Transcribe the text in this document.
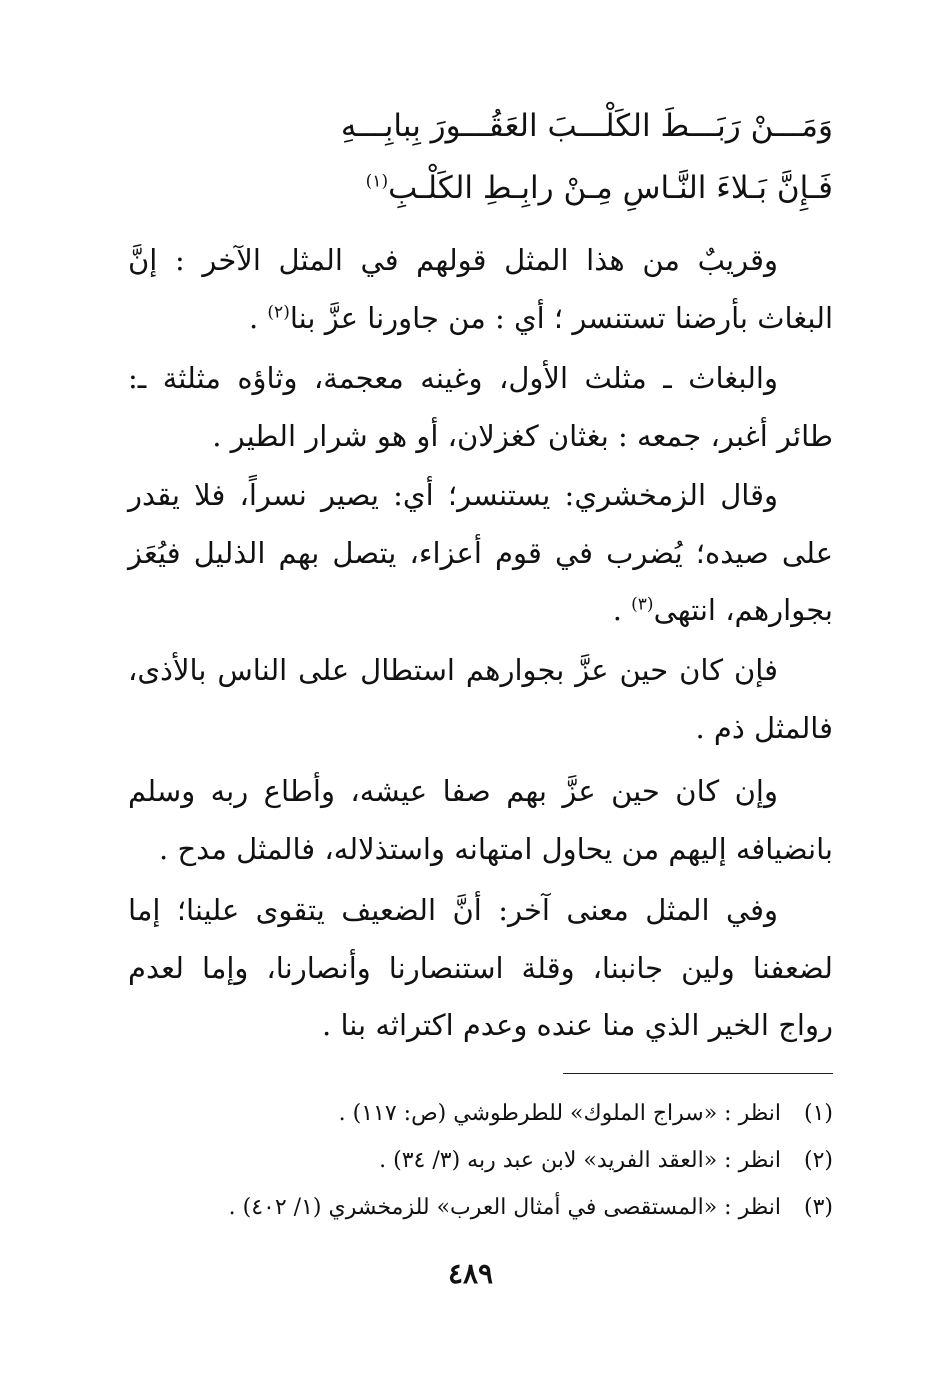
وَمَـــنْ رَبَـــطَ الكَلْـــبَ العَقُـــورَ بِبابِـــهِ
فَـإِنَّ بَـلاءَ النَّـاسِ مِـنْ رابِـطِ الكَلْـبِ$^{(١)}$

وقريبٌ من هذا المثل قولهم في المثل الآخر : إنَّ البغاث بأرضنا تستنسر ؛ أي : من جاورنا عزَّ بنا$^{(٢)}$ .

والبغاث ـ مثلث الأول، وغينه معجمة، وثاؤه مثلثة ـ: طائر أغبر، جمعه : بغثان كغزلان، أو هو شرار الطير .

وقال الزمخشري: يستنسر؛ أي: يصير نسراً، فلا يقدر على صيده؛ يُضرب في قوم أعزاء، يتصل بهم الذليل فيُعَز بجوارهم، انتهى$^{(٣)}$ .

فإن كان حين عزَّ بجوارهم استطال على الناس بالأذى، فالمثل ذم .

وإن كان حين عزَّ بهم صفا عيشه، وأطاع ربه وسلم بانضيافه إليهم من يحاول امتهانه واستذلاله، فالمثل مدح .

وفي المثل معنى آخر: أنَّ الضعيف يتقوى علينا؛ إما لضعفنا ولين جانبنا، وقلة استنصارنا وأنصارنا، وإما لعدم رواج الخير الذي منا عنده وعدم اكتراثه بنا .

(١)انظر : «سراج الملوك» للطرطوشي (ص: ١١٧) .
(٢)انظر : «العقد الفريد» لابن عبد ربه (٣/ ٣٤) .
(٣)انظر : «المستقصى في أمثال العرب» للزمخشري (١/ ٤٠٢) .
٤٨٩
